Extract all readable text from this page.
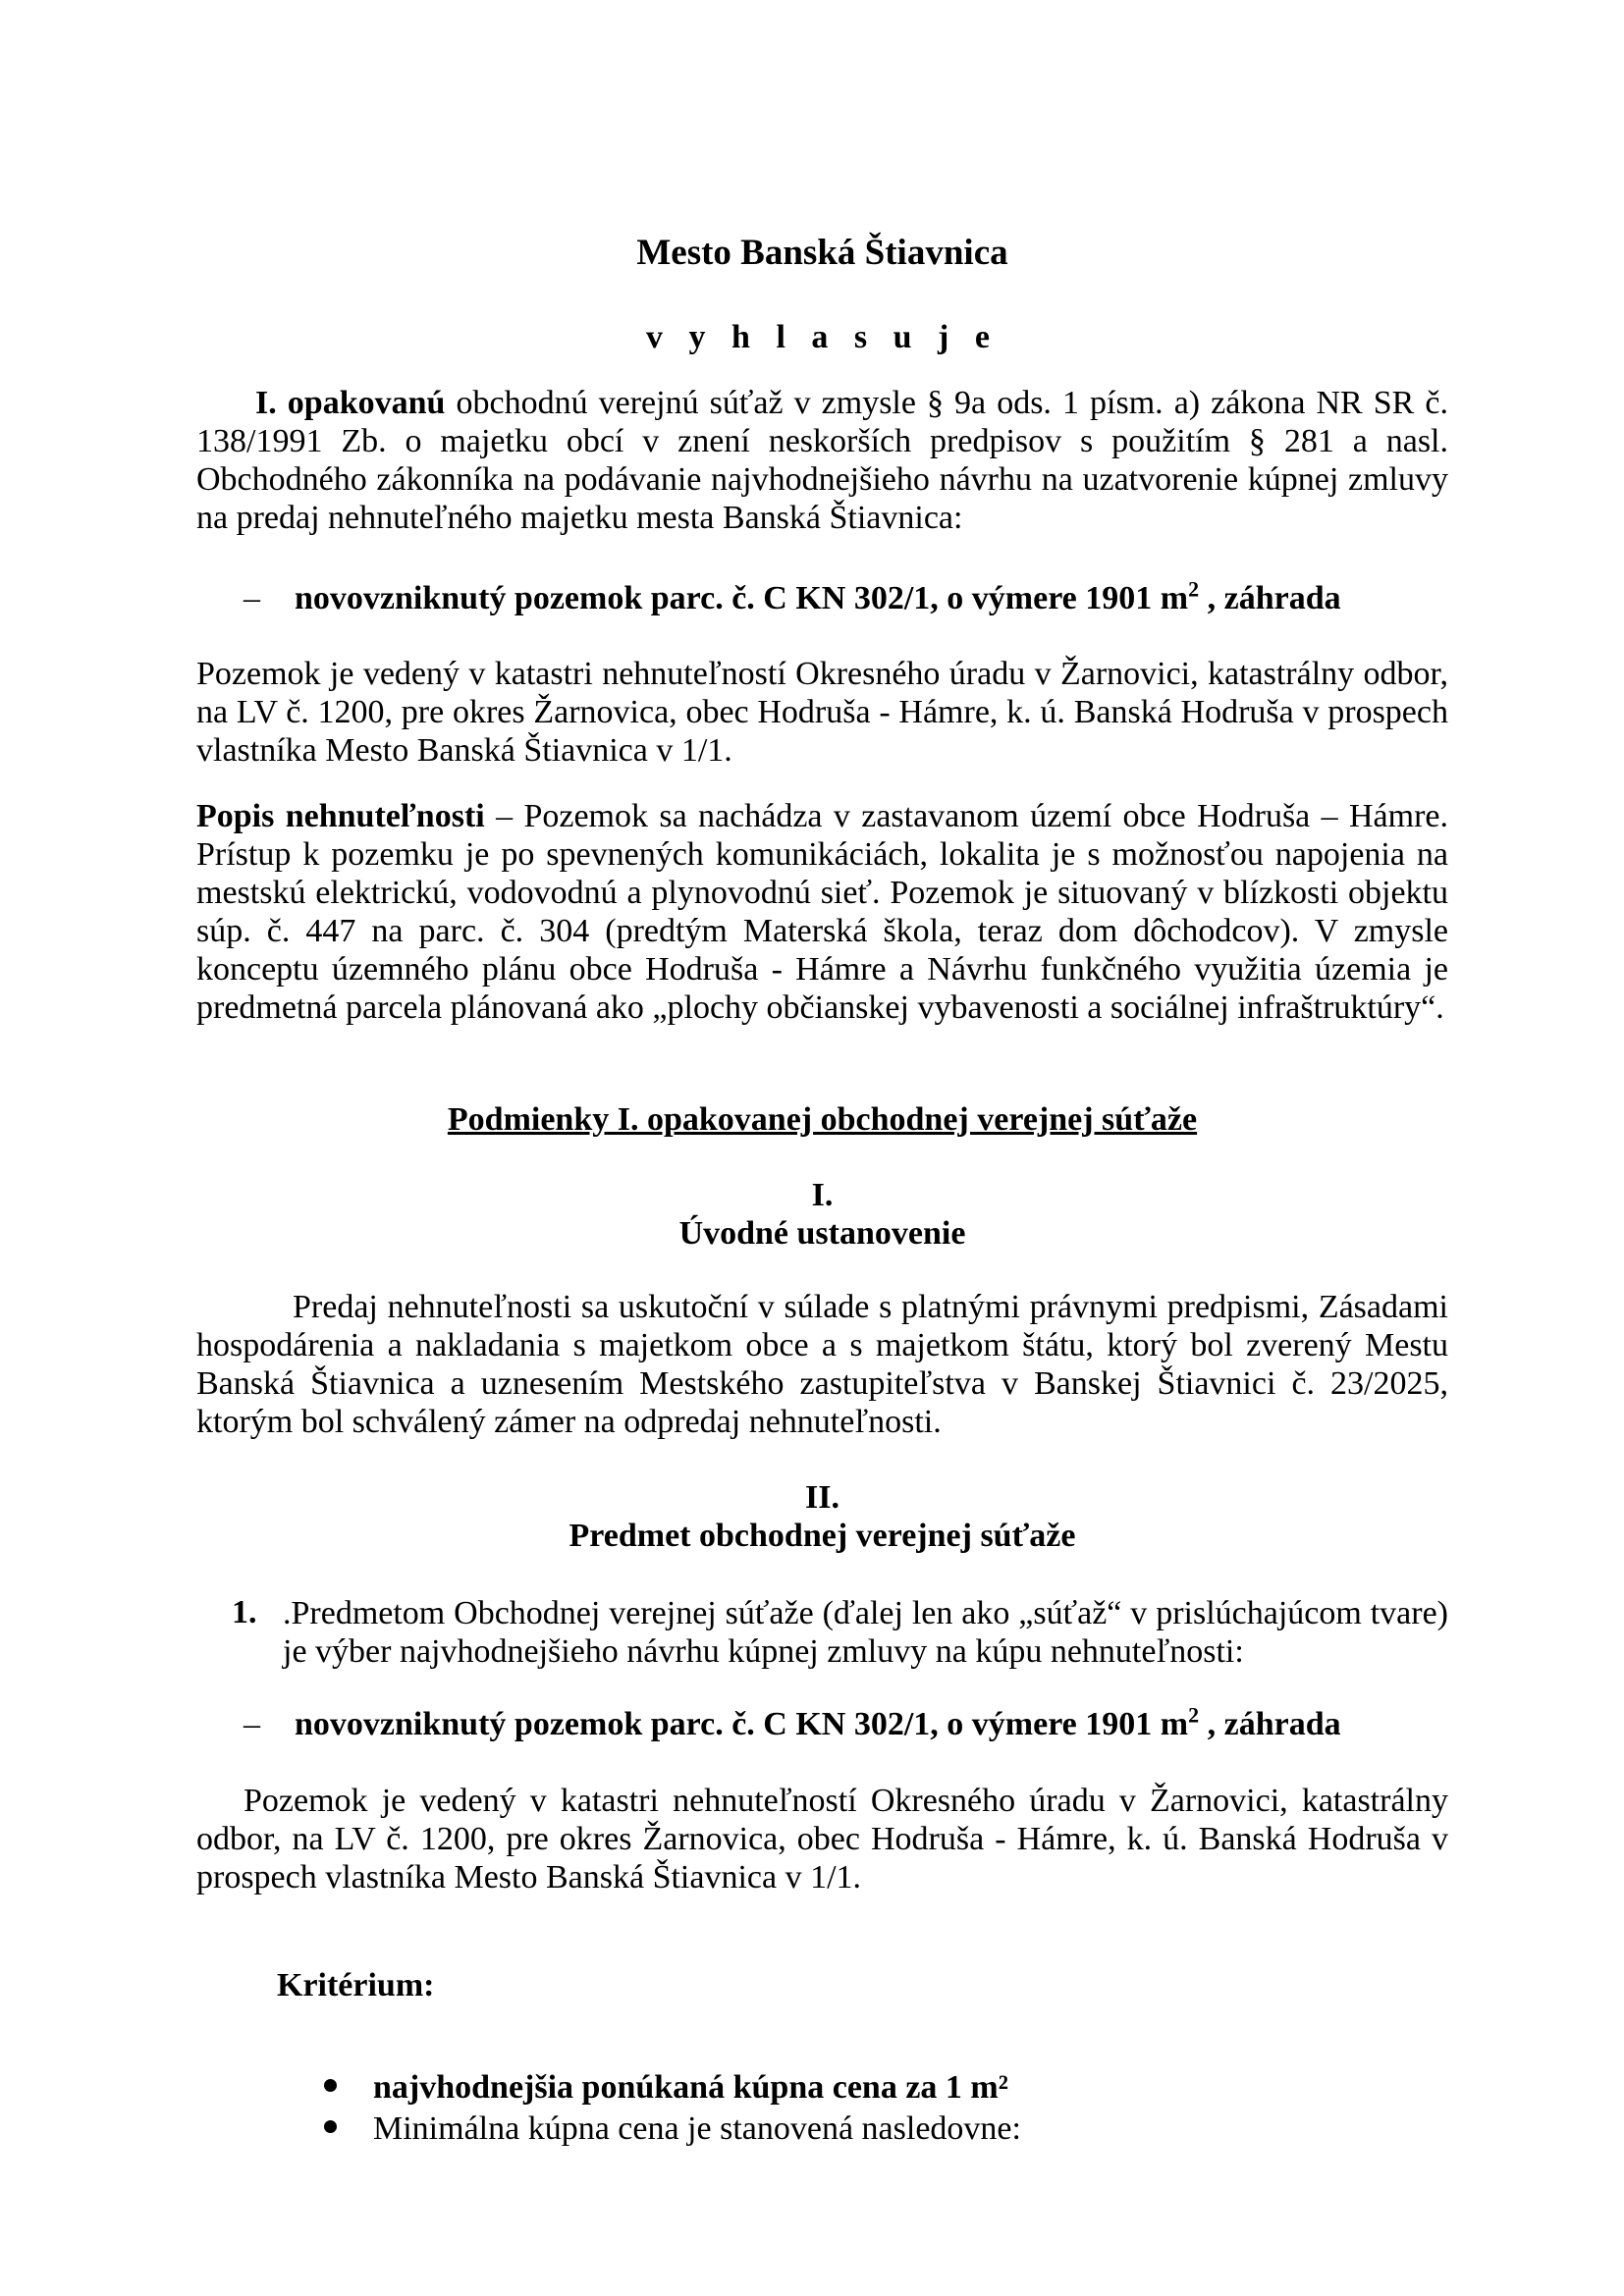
Mesto Banská Štiavnica
v y h l a s u j e

I. opakovanú obchodnú verejnú súťaž v zmysle § 9a ods. 1 písm. a) zákona NR SR č. 138/1991 Zb. o majetku obcí v znení neskorších predpisov s použitím § 281 a nasl. Obchodného zákonníka na podávanie najvhodnejšieho návrhu na uzatvorenie kúpnej zmluvy na predaj nehnuteľného majetku mesta Banská Štiavnica:

– novovzniknutý pozemok parc. č. C KN 302/1, o výmere 1901 $m^2$ , záhrada

Pozemok je vedený v katastri nehnuteľností Okresného úradu v Žarnovici, katastrálny odbor, na LV č. 1200, pre okres Žarnovica, obec Hodruša - Hámre, k. ú. Banská Hodruša v prospech vlastníka Mesto Banská Štiavnica v 1/1.

Popis nehnuteľnosti – Pozemok sa nachádza v zastavanom území obce Hodruša – Hámre. Prístup k pozemku je po spevnených komunikáciách, lokalita je s možnosťou napojenia na mestskú elektrickú, vodovodnú a plynovodnú sieť. Pozemok je situovaný v blízkosti objektu súp. č. 447 na parc. č. 304 (predtým Materská škola, teraz dom dôchodcov). V zmysle konceptu územného plánu obce Hodruša - Hámre a Návrhu funkčného využitia územia je predmetná parcela plánovaná ako „plochy občianskej vybavenosti a sociálnej infraštruktúry“.

Podmienky I. opakovanej obchodnej verejnej súťaže
I.
Úvodné ustanovenie

Predaj nehnuteľnosti sa uskutoční v súlade s platnými právnymi predpismi, Zásadami hospodárenia a nakladania s majetkom obce a s majetkom štátu, ktorý bol zverený Mestu Banská Štiavnica a uznesením Mestského zastupiteľstva v Banskej Štiavnici č. 23/2025, ktorým bol schválený zámer na odpredaj nehnuteľnosti.

II.
Predmet obchodnej verejnej súťaže
1. .Predmetom Obchodnej verejnej súťaže (ďalej len ako „súťaž“ v prislúchajúcom tvare) je výber najvhodnejšieho návrhu kúpnej zmluvy na kúpu nehnuteľnosti:

– novovzniknutý pozemok parc. č. C KN 302/1, o výmere 1901 $m^2$ , záhrada

Pozemok je vedený v katastri nehnuteľností Okresného úradu v Žarnovici, katastrálny odbor, na LV č. 1200, pre okres Žarnovica, obec Hodruša - Hámre, k. ú. Banská Hodruša v prospech vlastníka Mesto Banská Štiavnica v 1/1.

Kritérium:
najvhodnejšia ponúkaná kúpna cena za 1 m²
Minimálna kúpna cena je stanovená nasledovne:
